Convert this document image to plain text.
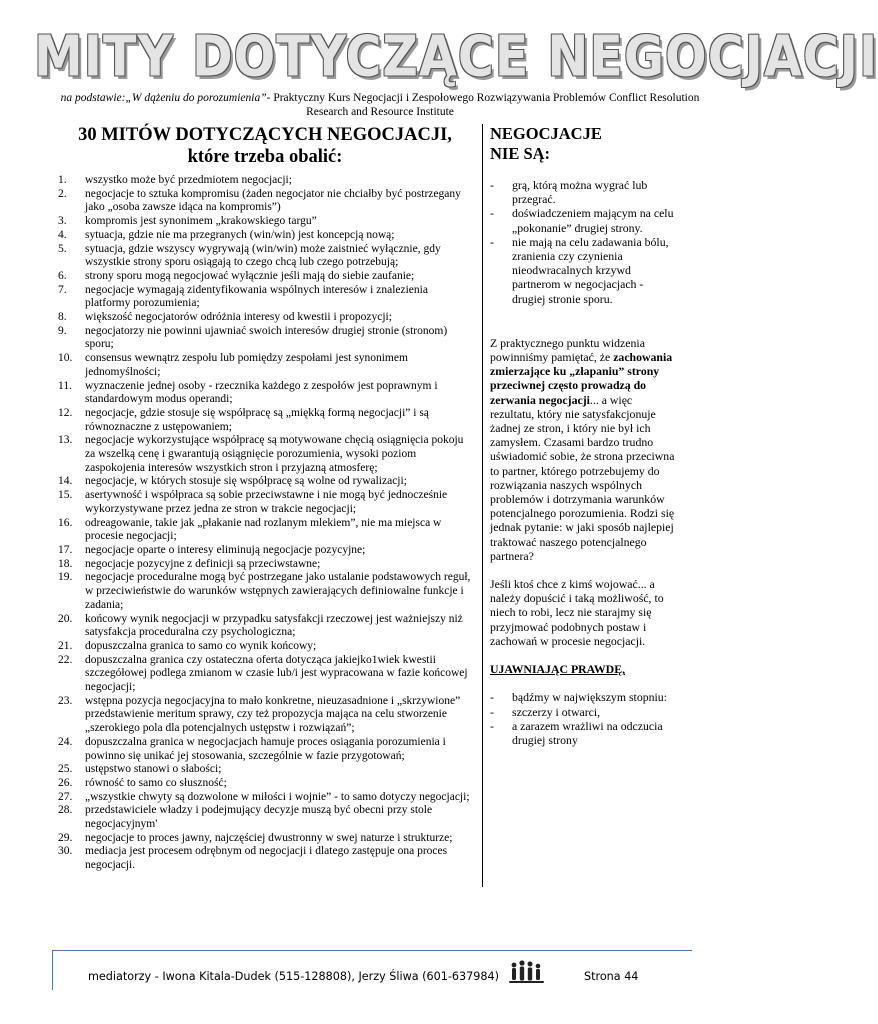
MITY DOTYCZĄCE NEGOCJACJI
na podstawie:„W dążeniu do porozumienia”- Praktyczny Kurs Negocjacji i Zespołowego Rozwiązywania Problemów Conflict Resolution Research and Resource Institute
30 MITÓW DOTYCZĄCYCH NEGOCJACJI,
które trzeba obalić:
1. wszystko może być przedmiotem negocjacji;
2. negocjacje to sztuka kompromisu (żaden negocjator nie chciałby być postrzegany jako „osoba zawsze idąca na kompromis”)
3. kompromis jest synonimem „krakowskiego targu”
4. sytuacja, gdzie nie ma przegranych (win/win) jest koncepcją nową;
5. sytuacja, gdzie wszyscy wygrywają (win/win) może zaistnieć wyłącznie, gdy wszystkie strony sporu osiągają to czego chcą lub czego potrzebują;
6. strony sporu mogą negocjować wyłącznie jeśli mają do siebie zaufanie;
7. negocjacje wymagają zidentyfikowania wspólnych interesów i znalezienia platformy porozumienia;
8. większość negocjatorów odróżnia interesy od kwestii i propozycji;
9. negocjatorzy nie powinni ujawniać swoich interesów drugiej stronie (stronom) sporu;
10. consensus wewnątrz zespołu lub pomiędzy zespołami jest synonimem jednomyślności;
11. wyznaczenie jednej osoby - rzecznika każdego z zespołów jest poprawnym i standardowym modus operandi;
12. negocjacje, gdzie stosuje się współpracę są „miękką formą negocjacji” i są równoznaczne z ustępowaniem;
13. negocjacje wykorzystujące współpracę są motywowane chęcią osiągnięcia pokoju za wszelką cenę i gwarantują osiągnięcie porozumienia, wysoki poziom zaspokojenia interesów wszystkich stron i przyjazną atmosferę;
14. negocjacje, w których stosuje się współpracę są wolne od rywalizacji;
15. asertywność i współpraca są sobie przeciwstawne i nie mogą być jednocześnie wykorzystywane przez jedna ze stron w trakcie negocjacji;
16. odreagowanie, takie jak „płakanie nad rozlanym mlekiem”, nie ma miejsca w procesie negocjacji;
17. negocjacje oparte o interesy eliminują negocjacje pozycyjne;
18. negocjacje pozycyjne z definicji są przeciwstawne;
19. negocjacje proceduralne mogą być postrzegane jako ustalanie podstawowych reguł, w przeciwieństwie do warunków wstępnych zawierających definiowalne funkcje i zadania;
20. końcowy wynik negocjacji w przypadku satysfakcji rzeczowej jest ważniejszy niż satysfakcja proceduralna czy psychologiczna;
21. dopuszczalna granica to samo co wynik końcowy;
22. dopuszczalna granica czy ostateczna oferta dotycząca jakiejko1wiek kwestii szczegółowej podlega zmianom w czasie lub/i jest wypracowana w fazie końcowej negocjacji;
23. wstępna pozycja negocjacyjna to mało konkretne, nieuzasadnione i „skrzywione” przedstawienie meritum sprawy, czy też propozycja mająca na celu stworzenie „szerokiego pola dla potencjalnych ustępstw i rozwiązań”;
24. dopuszczalna granica w negocjacjach hamuje proces osiągania porozumienia i powinno się unikać jej stosowania, szczególnie w fazie przygotowań;
25. ustępstwo stanowi o słabości;
26. równość to samo co słuszność;
27. „wszystkie chwyty są dozwolone w miłości i wojnie” - to samo dotyczy negocjacji;
28. przedstawiciele władzy i podejmujący decyzje muszą być obecni przy stole negocjacyjnym'
29. negocjacje to proces jawny, najczęściej dwustronny w swej naturze i strukturze;
30. mediacja jest procesem odrębnym od negocjacji i dlatego zastępuje ona proces negocjacji.
NEGOCJACJE
NIE SĄ:
- grą, którą można wygrać lub przegrać.
- doświadczeniem mającym na celu „pokonanie” drugiej strony.
- nie mają na celu zadawania bólu, zranienia czy czynienia nieodwracalnych krzywd partnerom w negocjacjach - drugiej stronie sporu.

Z praktycznego punktu widzenia powinniśmy pamiętać, że zachowania zmierzające ku „złapaniu” strony przeciwnej często prowadzą do zerwania negocjacji... a więc rezultatu, który nie satysfakcjonuje żadnej ze stron, i który nie był ich zamysłem. Czasami bardzo trudno uświadomić sobie, że strona przeciwna to partner, którego potrzebujemy do rozwiązania naszych wspólnych problemów i dotrzymania warunków potencjalnego porozumienia. Rodzi się jednak pytanie: w jaki sposób najlepiej traktować naszego potencjalnego partnera?

Jeśli ktoś chce z kimś wojować... a należy dopuścić i taką możliwość, to niech to robi, lecz nie starajmy się przyjmować podobnych postaw i zachowań w procesie negocjacji.

UJAWNIAJĄC PRAWDĘ,

- bądźmy w największym stopniu:
- szczerzy i otwarci,
- a zarazem wrażliwi na odczucia drugiej strony
mediatorzy - Iwona Kitala-Dudek (515-128808), Jerzy Śliwa (601-637984)	Strona 44
